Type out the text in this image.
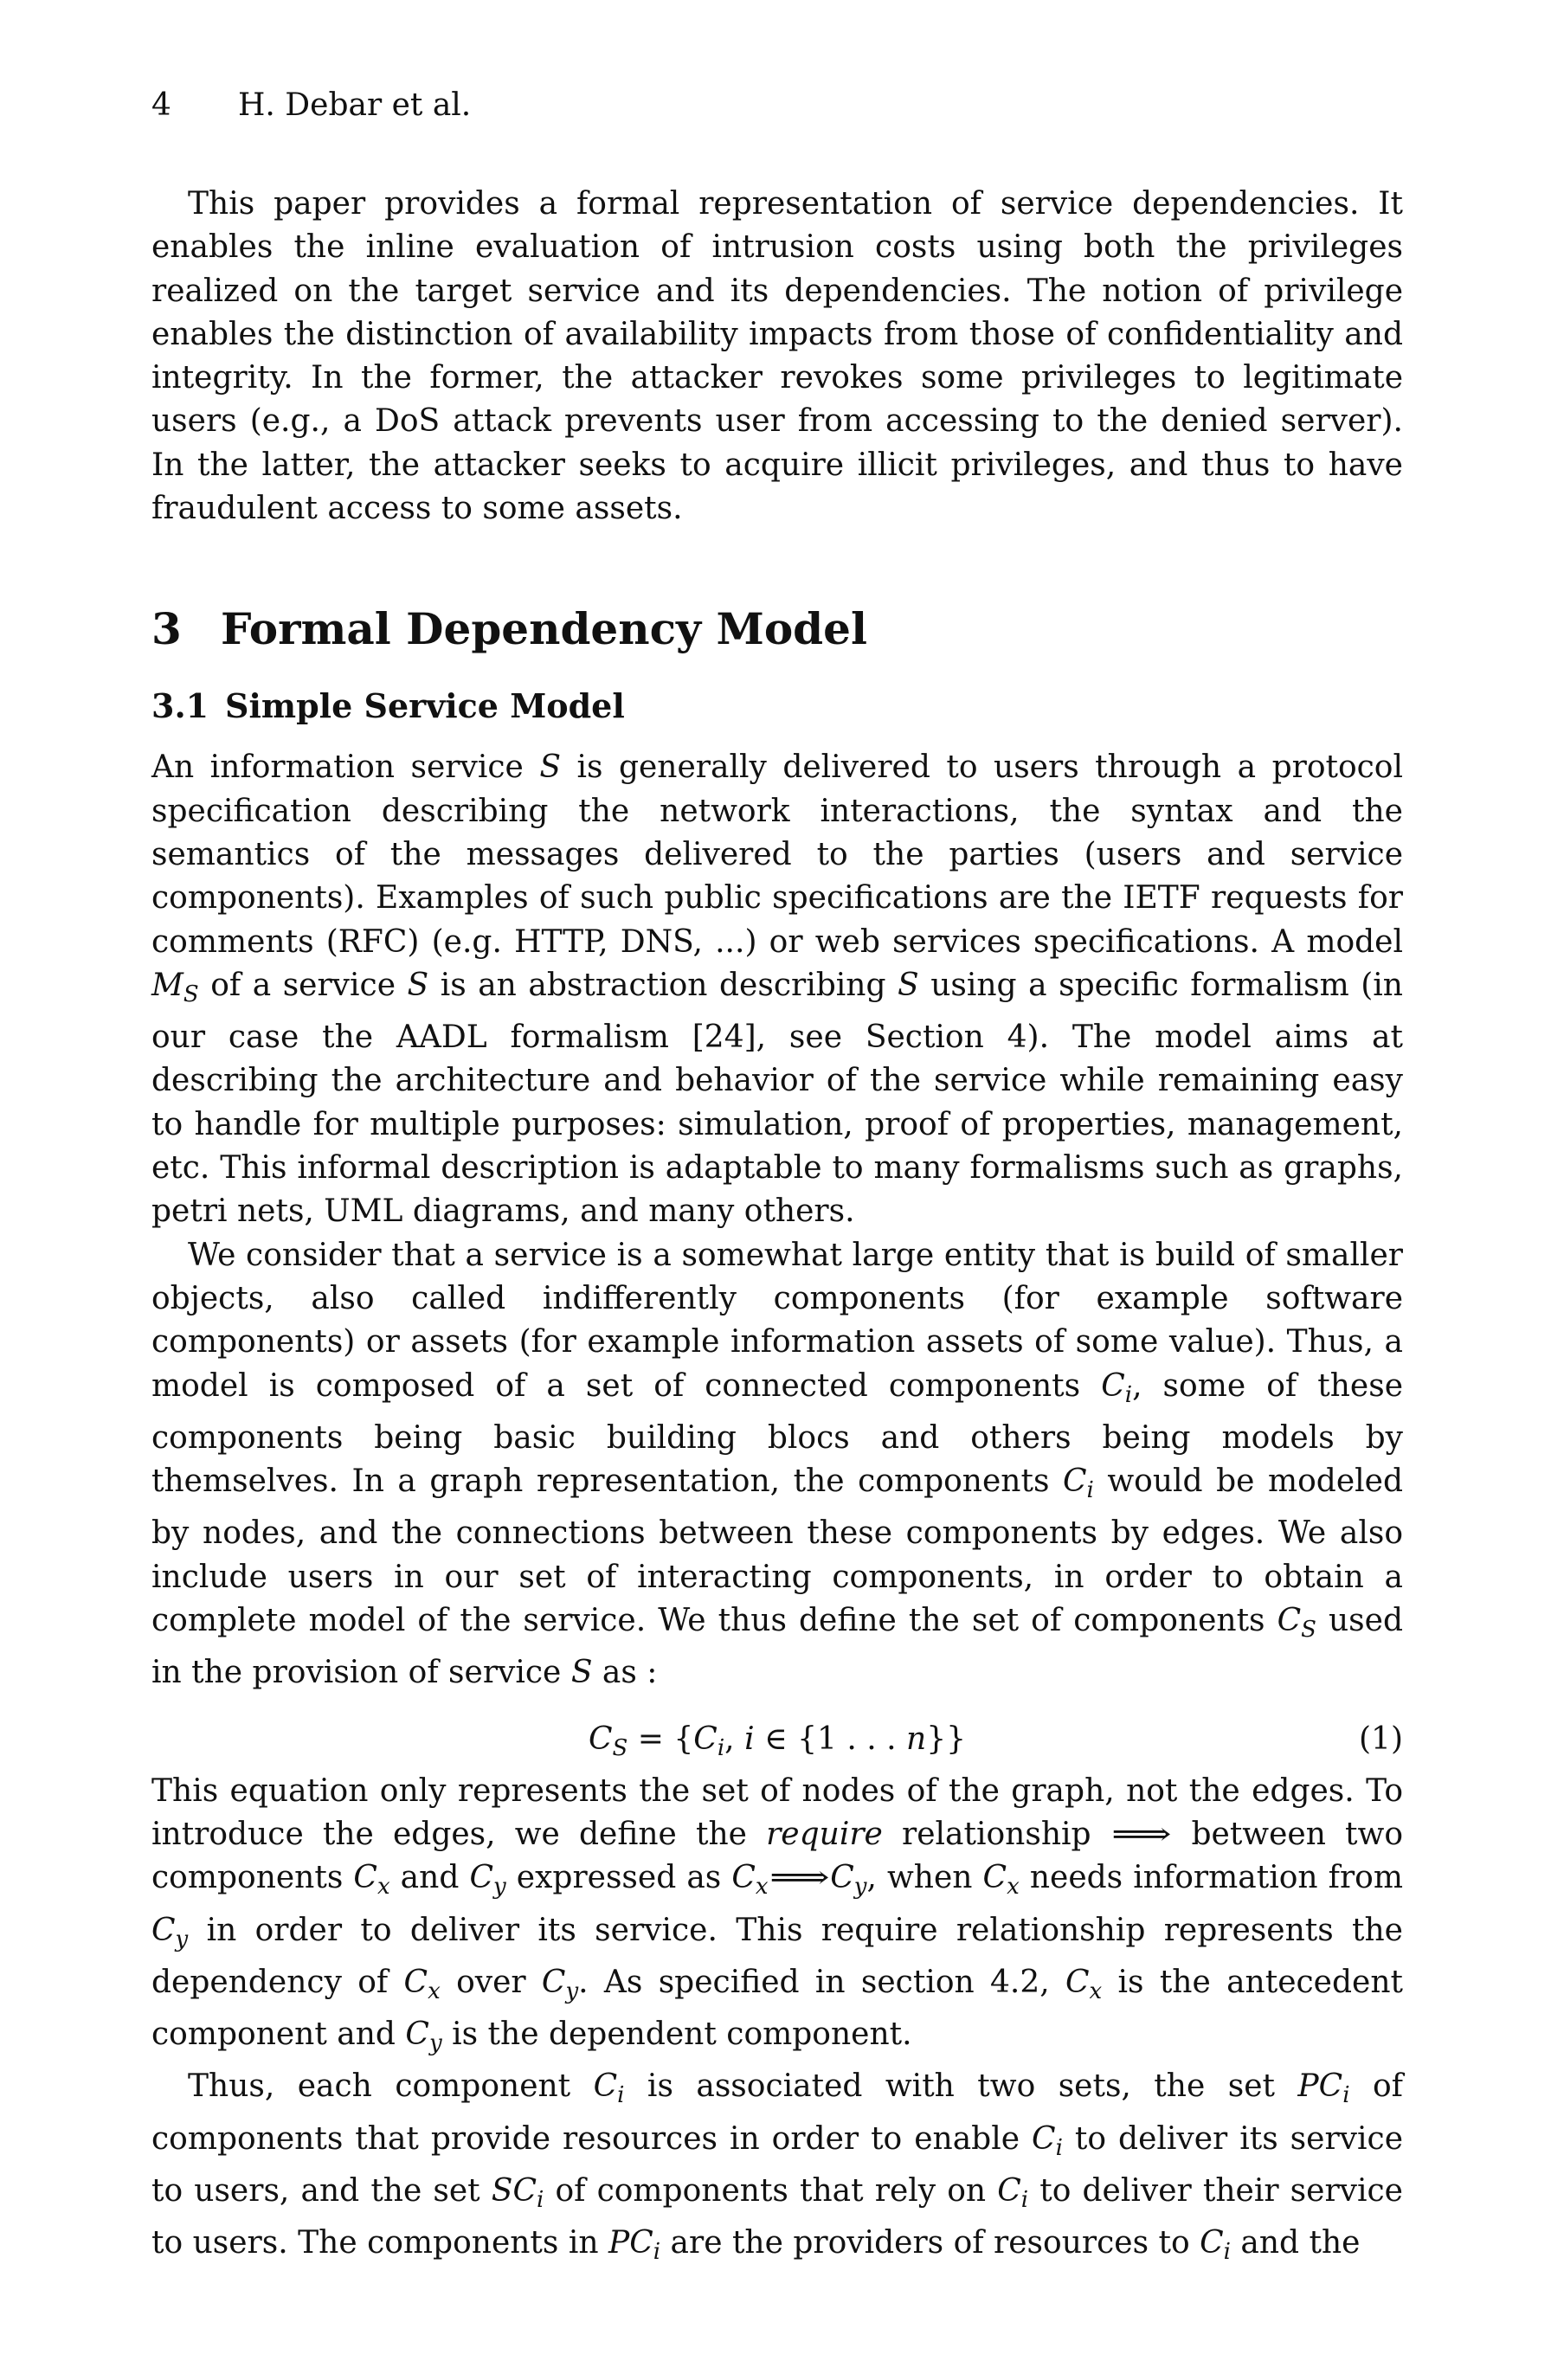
4	H. Debar et al.

This paper provides a formal representation of service dependencies. It enables the inline evaluation of intrusion costs using both the privileges realized on the target service and its dependencies. The notion of privilege enables the distinction of availability impacts from those of confidentiality and integrity. In the former, the attacker revokes some privileges to legitimate users (e.g., a DoS attack prevents user from accessing to the denied server). In the latter, the attacker seeks to acquire illicit privileges, and thus to have fraudulent access to some assets.

3 Formal Dependency Model
3.1 Simple Service Model

An information service S is generally delivered to users through a protocol specification describing the network interactions, the syntax and the semantics of the messages delivered to the parties (users and service components). Examples of such public specifications are the IETF requests for comments (RFC) (e.g. HTTP, DNS, ...) or web services specifications. A model $M_S$ of a service S is an abstraction describing S using a specific formalism (in our case the AADL formalism [24], see Section 4). The model aims at describing the architecture and behavior of the service while remaining easy to handle for multiple purposes: simulation, proof of properties, management, etc. This informal description is adaptable to many formalisms such as graphs, petri nets, UML diagrams, and many others.

We consider that a service is a somewhat large entity that is build of smaller objects, also called indifferently components (for example software components) or assets (for example information assets of some value). Thus, a model is composed of a set of connected components $C_i$, some of these components being basic building blocs and others being models by themselves. In a graph representation, the components $C_i$ would be modeled by nodes, and the connections between these components by edges. We also include users in our set of interacting components, in order to obtain a complete model of the service. We thus define the set of components $C_S$ used in the provision of service S as :

$C_S = \{C_i$, i ∈ {1 . . . n}}	(1)

This equation only represents the set of nodes of the graph, not the edges. To introduce the edges, we define the require relationship ⟹ between two components $C_x$ and $C_y$ expressed as $C_x⟹C_y$, when $C_x$ needs information from $C_y$ in order to deliver its service. This require relationship represents the dependency of $C_x$ over $C_y$. As specified in section 4.2, $C_x$ is the antecedent component and $C_y$ is the dependent component.

Thus, each component $C_i$ is associated with two sets, the set $PC_i$ of components that provide resources in order to enable $C_i$ to deliver its service to users, and the set $SC_i$ of components that rely on $C_i$ to deliver their service to users. The components in $PC_i$ are the providers of resources to $C_i$ and the
